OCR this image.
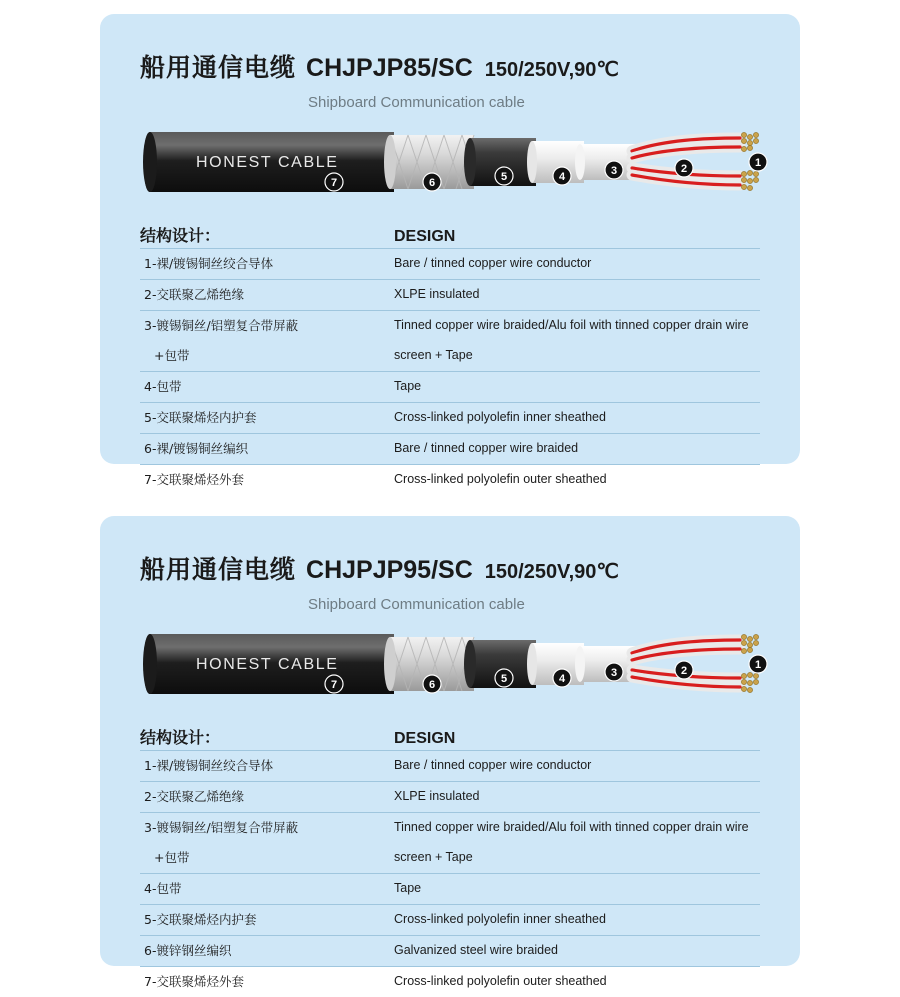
船用通信电缆 CHJPJP85/SC 150/250V,90℃
Shipboard Communication cable
HONEST CABLE
7	6	5	4	3	2	1
结构设计：	DESIGN
1-裸/镀锡铜丝绞合导体	Bare / tinned copper wire conductor
2-交联聚乙烯绝缘	XLPE insulated
3-镀锡铜丝/铝塑复合带屏蔽	Tinned copper wire braided/Alu foil with tinned copper drain wire
+包带	screen + Tape
4-包带	Tape
5-交联聚烯烃内护套	Cross-linked polyolefin inner sheathed
6-裸/镀锡铜丝编织	Bare / tinned copper wire braided
7-交联聚烯烃外套	Cross-linked polyolefin outer sheathed
船用通信电缆 CHJPJP95/SC 150/250V,90℃
Shipboard Communication cable
HONEST CABLE
7	6	5	4	3	2	1
结构设计：	DESIGN
1-裸/镀锡铜丝绞合导体	Bare / tinned copper wire conductor
2-交联聚乙烯绝缘	XLPE insulated
3-镀锡铜丝/铝塑复合带屏蔽	Tinned copper wire braided/Alu foil with tinned copper drain wire
+包带	screen + Tape
4-包带	Tape
5-交联聚烯烃内护套	Cross-linked polyolefin inner sheathed
6-镀锌钢丝编织	Galvanized steel wire braided
7-交联聚烯烃外套	Cross-linked polyolefin outer sheathed
